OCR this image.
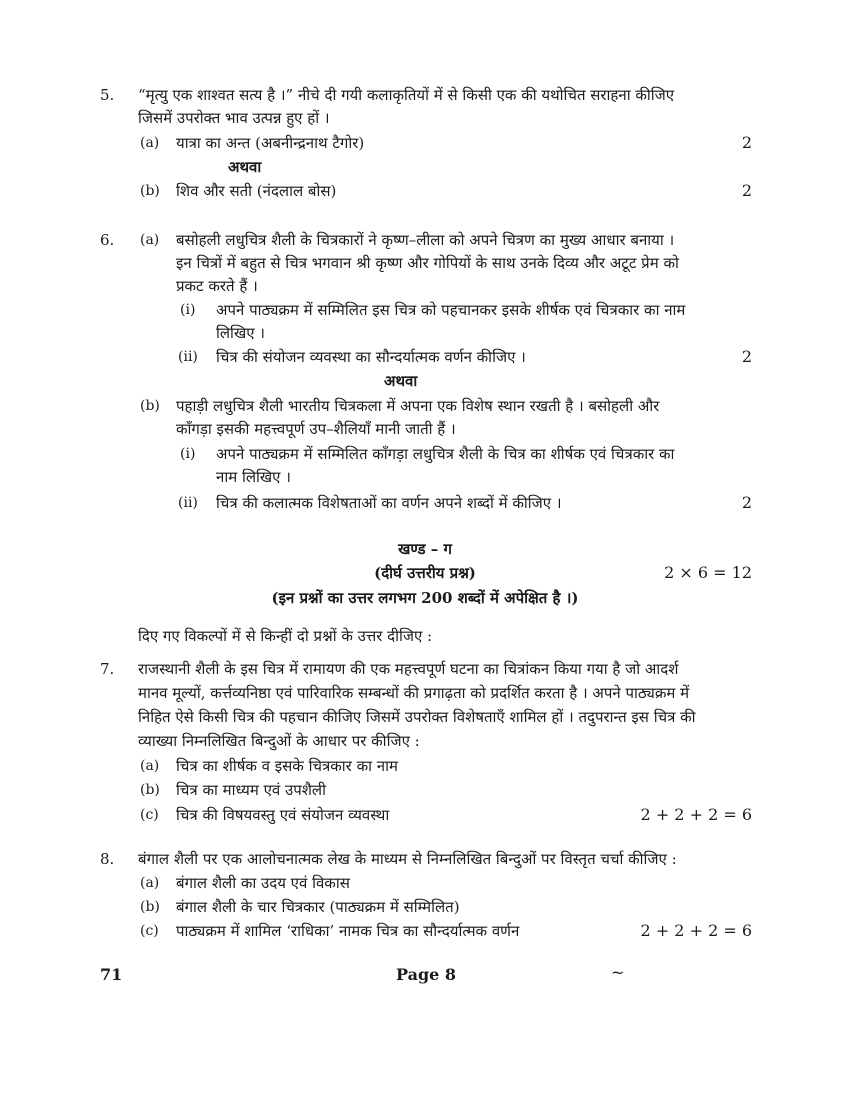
5. “मृत्यु एक शाश्वत सत्य है ।” नीचे दी गयी कलाकृतियों में से किसी एक की यथोचित सराहना कीजिए
जिसमें उपरोक्त भाव उत्पन्न हुए हों ।
(a) यात्रा का अन्त (अबनीन्द्रनाथ टैगोर)	2
अथवा
(b) शिव और सती (नंदलाल बोस)	2
6. (a) बसोहली लधुचित्र शैली के चित्रकारों ने कृष्ण–लीला को अपने चित्रण का मुख्य आधार बनाया ।
इन चित्रों में बहुत से चित्र भगवान श्री कृष्ण और गोपियों के साथ उनके दिव्य और अटूट प्रेम को
प्रकट करते हैं ।
(i) अपने पाठ्यक्रम में सम्मिलित इस चित्र को पहचानकर इसके शीर्षक एवं चित्रकार का नाम
लिखिए ।
(ii) चित्र की संयोजन व्यवस्था का सौन्दर्यात्मक वर्णन कीजिए ।	2
अथवा
(b) पहाड़ी लधुचित्र शैली भारतीय चित्रकला में अपना एक विशेष स्थान रखती है । बसोहली और
काँगड़ा इसकी महत्त्वपूर्ण उप–शैलियाँ मानी जाती हैं ।
(i) अपने पाठ्यक्रम में सम्मिलित काँगड़ा लधुचित्र शैली के चित्र का शीर्षक एवं चित्रकार का
नाम लिखिए ।
(ii) चित्र की कलात्मक विशेषताओं का वर्णन अपने शब्दों में कीजिए ।	2
खण्ड – ग
(दीर्घ उत्तरीय प्रश्न)	2 × 6 = 12
(इन प्रश्नों का उत्तर लगभग 200 शब्दों में अपेक्षित है ।)
दिए गए विकल्पों में से किन्हीं दो प्रश्नों के उत्तर दीजिए :
7. राजस्थानी शैली के इस चित्र में रामायण की एक महत्त्वपूर्ण घटना का चित्रांकन किया गया है जो आदर्श
मानव मूल्यों, कर्त्तव्यनिष्ठा एवं पारिवारिक सम्बन्धों की प्रगाढ़ता को प्रदर्शित करता है । अपने पाठ्यक्रम में
निहित ऐसे किसी चित्र की पहचान कीजिए जिसमें उपरोक्त विशेषताएँ शामिल हों । तदुपरान्त इस चित्र की
व्याख्या निम्नलिखित बिन्दुओं के आधार पर कीजिए :
(a) चित्र का शीर्षक व इसके चित्रकार का नाम
(b) चित्र का माध्यम एवं उपशैली
(c) चित्र की विषयवस्तु एवं संयोजन व्यवस्था	2 + 2 + 2 = 6
8. बंगाल शैली पर एक आलोचनात्मक लेख के माध्यम से निम्नलिखित बिन्दुओं पर विस्तृत चर्चा कीजिए :
(a) बंगाल शैली का उदय एवं विकास
(b) बंगाल शैली के चार चित्रकार (पाठ्यक्रम में सम्मिलित)
(c) पाठ्यक्रम में शामिल ‘राधिका’ नामक चित्र का सौन्दर्यात्मक वर्णन	2 + 2 + 2 = 6
71	Page 8	~
